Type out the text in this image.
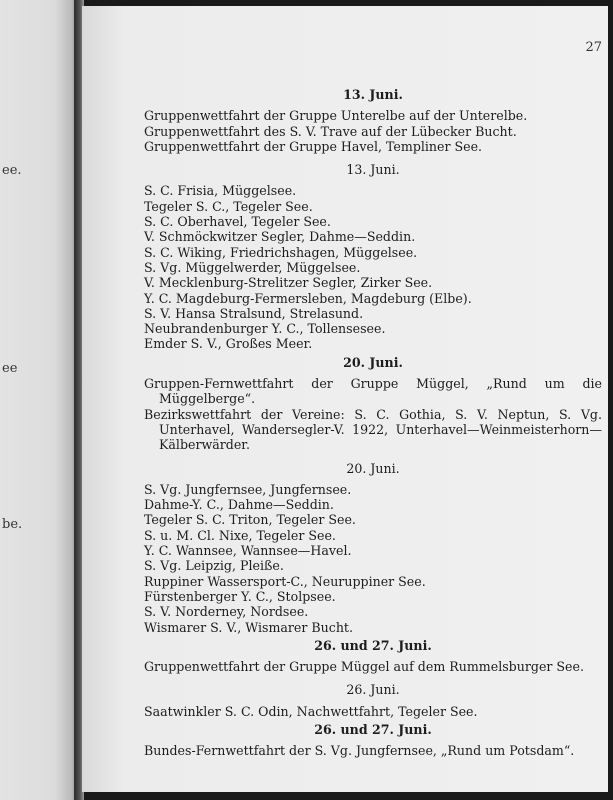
ee.
ee
be.
27
13. Juni.
Gruppenwettfahrt der Gruppe Unterelbe auf der Unterelbe.
Gruppenwettfahrt des S. V. Trave auf der Lübecker Bucht.
Gruppenwettfahrt der Gruppe Havel, Templiner See.
13. Juni.
S. C. Frisia, Müggelsee.
Tegeler S. C., Tegeler See.
S. C. Oberhavel, Tegeler See.
V. Schmöckwitzer Segler, Dahme—Seddin.
S. C. Wiking, Friedrichshagen, Müggelsee.
S. Vg. Müggelwerder, Müggelsee.
V. Mecklenburg-Strelitzer Segler, Zirker See.
Y. C. Magdeburg-Fermersleben, Magdeburg (Elbe).
S. V. Hansa Stralsund, Strelasund.
Neubrandenburger Y. C., Tollensesee.
Emder S. V., Großes Meer.
20. Juni.
Gruppen-Fernwettfahrt der Gruppe Müggel, „Rund um die Müggelberge“.
Bezirkswettfahrt der Vereine: S. C. Gothia, S. V. Neptun, S. Vg. Unterhavel, Wandersegler-V. 1922, Unterhavel—Weinmeisterhorn—Kälberwärder.
20. Juni.
S. Vg. Jungfernsee, Jungfernsee.
Dahme-Y. C., Dahme—Seddin.
Tegeler S. C. Triton, Tegeler See.
S. u. M. Cl. Nixe, Tegeler See.
Y. C. Wannsee, Wannsee—Havel.
S. Vg. Leipzig, Pleiße.
Ruppiner Wassersport-C., Neuruppiner See.
Fürstenberger Y. C., Stolpsee.
S. V. Norderney, Nordsee.
Wismarer S. V., Wismarer Bucht.
26. und 27. Juni.
Gruppenwettfahrt der Gruppe Müggel auf dem Rummelsburger See.
26. Juni.
Saatwinkler S. C. Odin, Nachwettfahrt, Tegeler See.
26. und 27. Juni.
Bundes-Fernwettfahrt der S. Vg. Jungfernsee, „Rund um Potsdam“.
